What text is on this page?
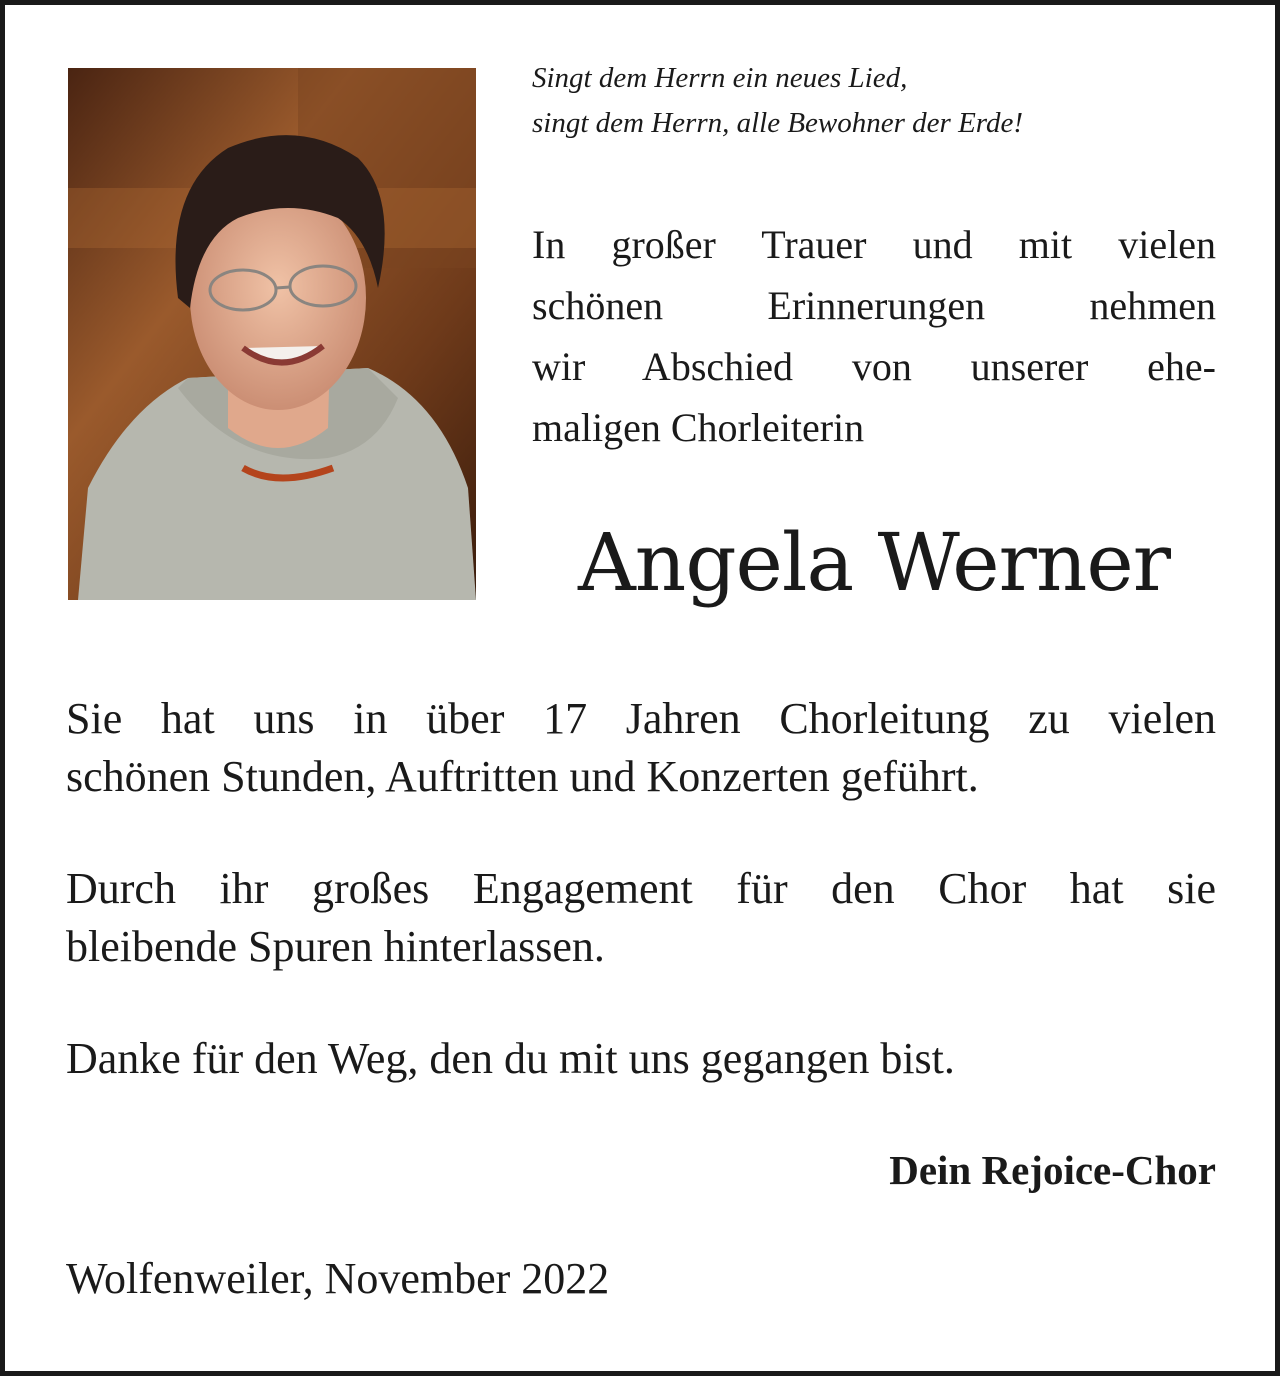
Singt dem Herrn ein neues Lied,

singt dem Herrn, alle Bewohner der Erde!

In großer Trauer und mit vielen

schönen Erinnerungen nehmen

wir Abschied von unserer ehe-

maligen Chorleiterin

Angela Werner

Sie hat uns in über 17 Jahren Chorleitung zu vielen

schönen Stunden, Auftritten und Konzerten geführt.

Durch ihr großes Engagement für den Chor hat sie

bleibende Spuren hinterlassen.

Danke für den Weg, den du mit uns gegangen bist.

Dein Rejoice-Chor
Wolfenweiler, November 2022
